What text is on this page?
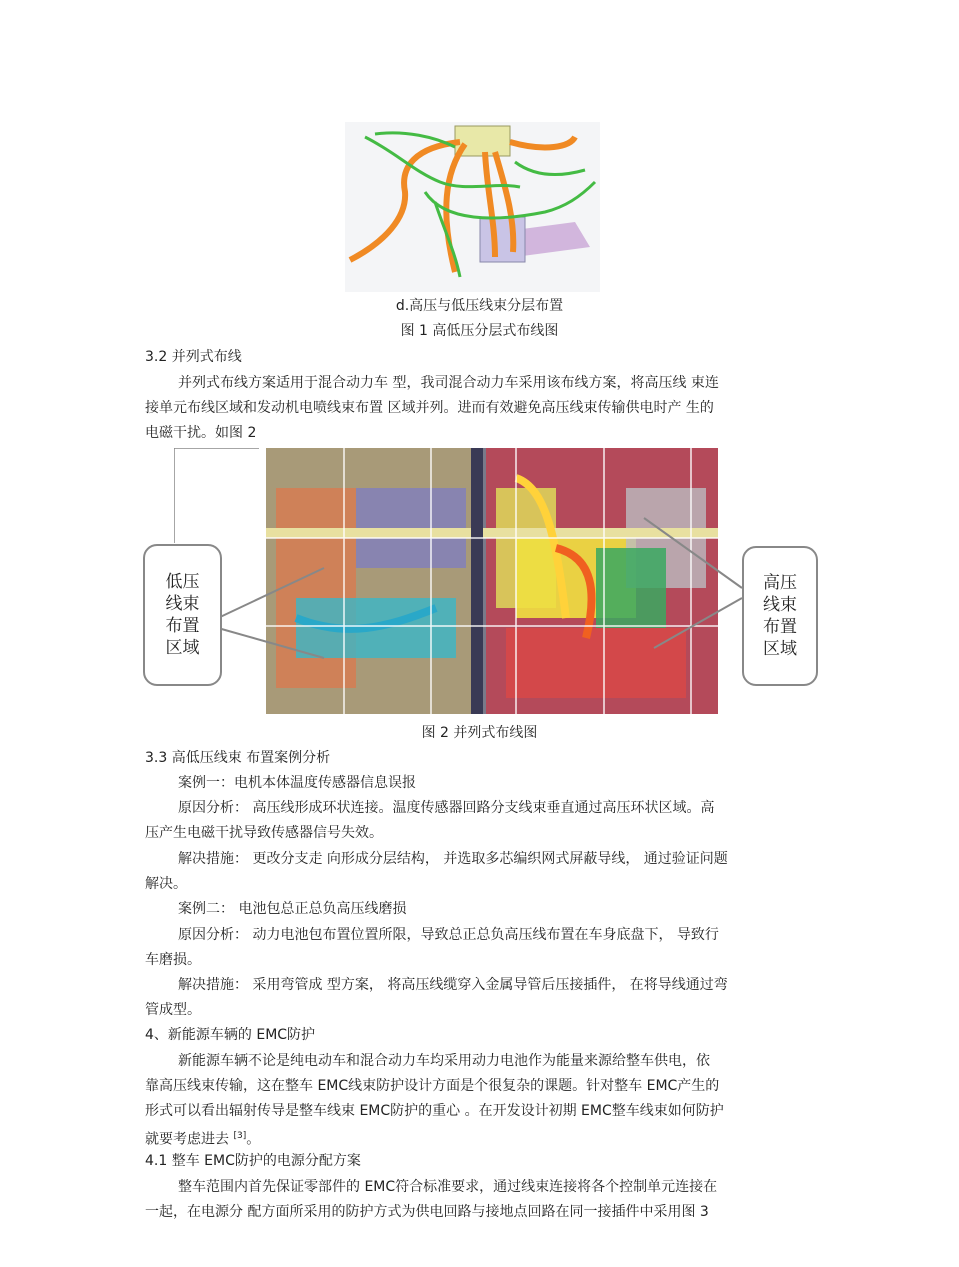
d.高压与低压线束分层布置
图 1 高低压分层式布线图
3.2 并列式布线
并列式布线方案适用于混合动力车 型，我司混合动力车采用该布线方案，将高压线 束连
接单元布线区域和发动机电喷线束布置 区域并列。进而有效避免高压线束传输供电时产 生的
电磁干扰。如图 2
低压
线束
布置
区域
高压
线束
布置
区域
图 2 并列式布线图
3.3 高低压线束 布置案例分析
案例一：电机本体温度传感器信息误报
原因分析： 高压线形成环状连接。温度传感器回路分支线束垂直通过高压环状区域。高
压产生电磁干扰导致传感器信号失效。
解决措施： 更改分支走 向形成分层结构， 并选取多芯编织网式屏蔽导线， 通过验证问题
解决。
案例二： 电池包总正总负高压线磨损
原因分析： 动力电池包布置位置所限，导致总正总负高压线布置在车身底盘下， 导致行
车磨损。
解决措施： 采用弯管成 型方案， 将高压线缆穿入金属导管后压接插件， 在将导线通过弯
管成型。
4、新能源车辆的 EMC防护
新能源车辆不论是纯电动车和混合动力车均采用动力电池作为能量来源给整车供电，依
靠高压线束传输，这在整车 EMC线束防护设计方面是个很复杂的课题。针对整车 EMC产生的
形式可以看出辐射传导是整车线束 EMC防护的重心 。在开发设计初期 EMC整车线束如何防护
就要考虑进去 [3]。
4.1 整车 EMC防护的电源分配方案
整车范围内首先保证零部件的 EMC符合标准要求，通过线束连接将各个控制单元连接在
一起，在电源分 配方面所采用的防护方式为供电回路与接地点回路在同一接插件中采用图 3
